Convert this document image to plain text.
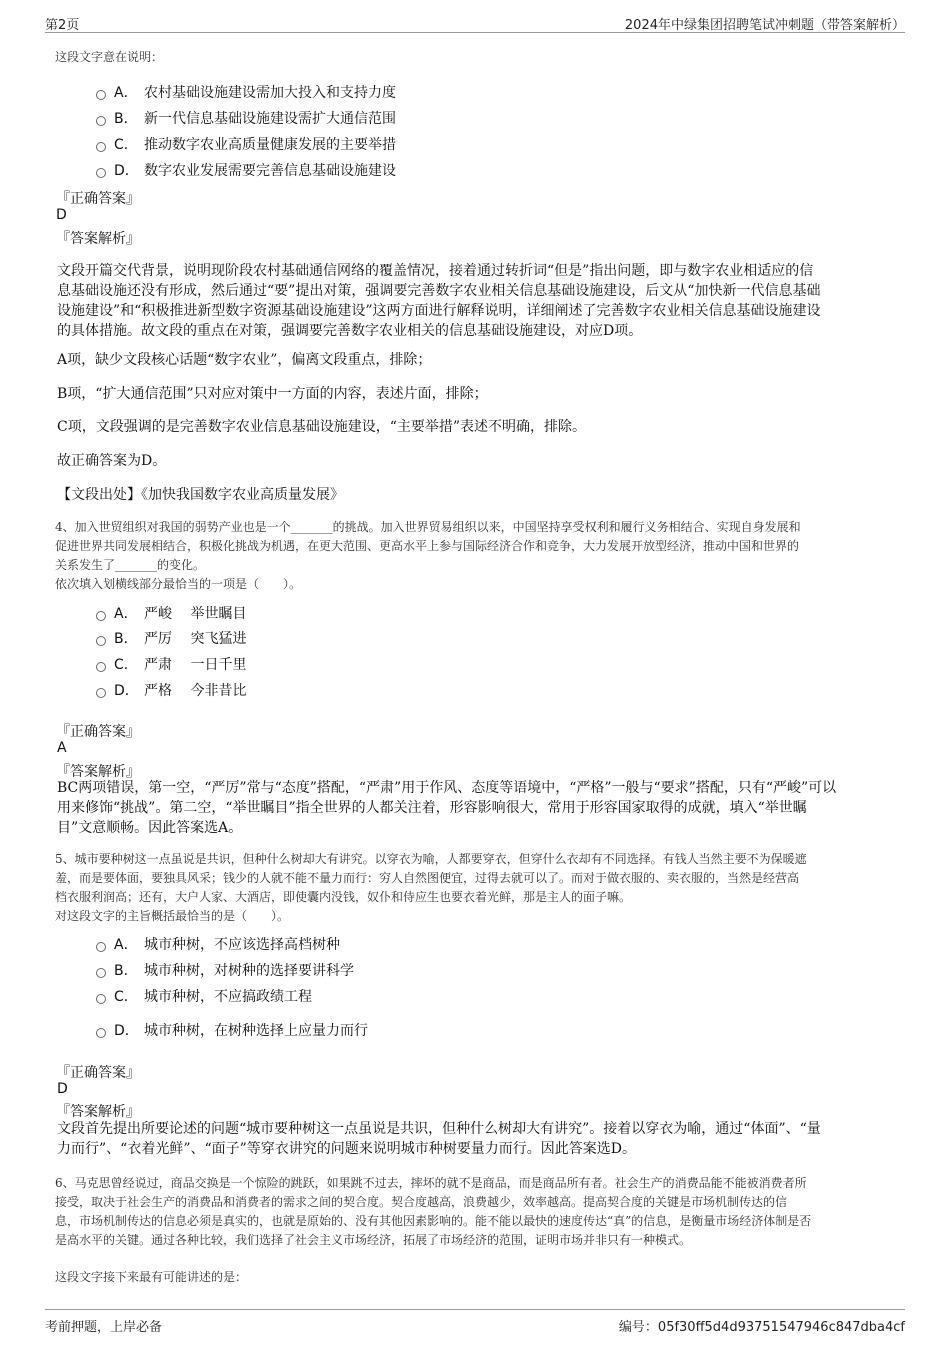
第2页	2024年中绿集团招聘笔试冲刺题（带答案解析）
这段文字意在说明：
A． 农村基础设施建设需加大投入和支持力度
B． 新一代信息基础设施建设需扩大通信范围
C． 推动数字农业高质量健康发展的主要举措
D． 数字农业发展需要完善信息基础设施建设
『正确答案』
D
『答案解析』
文段开篇交代背景，说明现阶段农村基础通信网络的覆盖情况，接着通过转折词“但是”指出问题，即与数字农业相适应的信
息基础设施还没有形成，然后通过“要”提出对策，强调要完善数字农业相关信息基础设施建设，后文从“加快新一代信息基础
设施建设”和“积极推进新型数字资源基础设施建设”这两方面进行解释说明，详细阐述了完善数字农业相关信息基础设施建设
的具体措施。故文段的重点在对策，强调要完善数字农业相关的信息基础设施建设，对应D项。
A项，缺少文段核心话题“数字农业”，偏离文段重点，排除；
B项，“扩大通信范围”只对应对策中一方面的内容，表述片面，排除；
C项，文段强调的是完善数字农业信息基础设施建设，“主要举措”表述不明确，排除。
故正确答案为D。
【文段出处】《加快我国数字农业高质量发展》
4、加入世贸组织对我国的弱势产业也是一个_______的挑战。加入世界贸易组织以来，中国坚持享受权利和履行义务相结合、实现自身发展和
促进世界共同发展相结合，积极化挑战为机遇，在更大范围、更高水平上参与国际经济合作和竞争，大力发展开放型经济，推动中国和世界的
关系发生了_______的变化。
依次填入划横线部分最恰当的一项是（　　）。
A． 严峻　 举世瞩目
B． 严厉　 突飞猛进
C． 严肃　 一日千里
D． 严格　 今非昔比
『正确答案』
A
『答案解析』
BC两项错误，第一空，“严厉”常与“态度”搭配，“严肃”用于作风、态度等语境中，“严格”一般与“要求”搭配，只有“严峻”可以
用来修饰“挑战”。第二空，“举世瞩目”指全世界的人都关注着，形容影响很大，常用于形容国家取得的成就，填入“举世瞩
目”文意顺畅。因此答案选A。
5、城市要种树这一点虽说是共识，但种什么树却大有讲究。以穿衣为喻，人都要穿衣，但穿什么衣却有不同选择。有钱人当然主要不为保暖遮
羞，而是要体面，要独具风采；钱少的人就不能不量力而行：穷人自然图便宜，过得去就可以了。而对于做衣服的、卖衣服的，当然是经营高
档衣服利润高；还有，大户人家、大酒店，即使囊内没钱，奴仆和侍应生也要衣着光鲜，那是主人的面子嘛。
对这段文字的主旨概括最恰当的是（　　）。
A． 城市种树，不应该选择高档树种
B． 城市种树，对树种的选择要讲科学
C． 城市种树，不应搞政绩工程
D． 城市种树，在树种选择上应量力而行
『正确答案』
D
『答案解析』
文段首先提出所要论述的问题“城市要种树这一点虽说是共识，但种什么树却大有讲究”。接着以穿衣为喻，通过“体面”、“量
力而行”、“衣着光鲜”、“面子”等穿衣讲究的问题来说明城市种树要量力而行。因此答案选D。
6、马克思曾经说过，商品交换是一个惊险的跳跃，如果跳不过去，摔坏的就不是商品，而是商品所有者。社会生产的消费品能不能被消费者所
接受，取决于社会生产的消费品和消费者的需求之间的契合度。契合度越高，浪费越少，效率越高。提高契合度的关键是市场机制传达的信
息，市场机制传达的信息必须是真实的，也就是原始的、没有其他因素影响的。能不能以最快的速度传达“真”的信息，是衡量市场经济体制是否
是高水平的关键。通过各种比较，我们选择了社会主义市场经济，拓展了市场经济的范围，证明市场并非只有一种模式。
这段文字接下来最有可能讲述的是：
考前押题，上岸必备	编号：05f30ff5d4d93751547946c847dba4cf
